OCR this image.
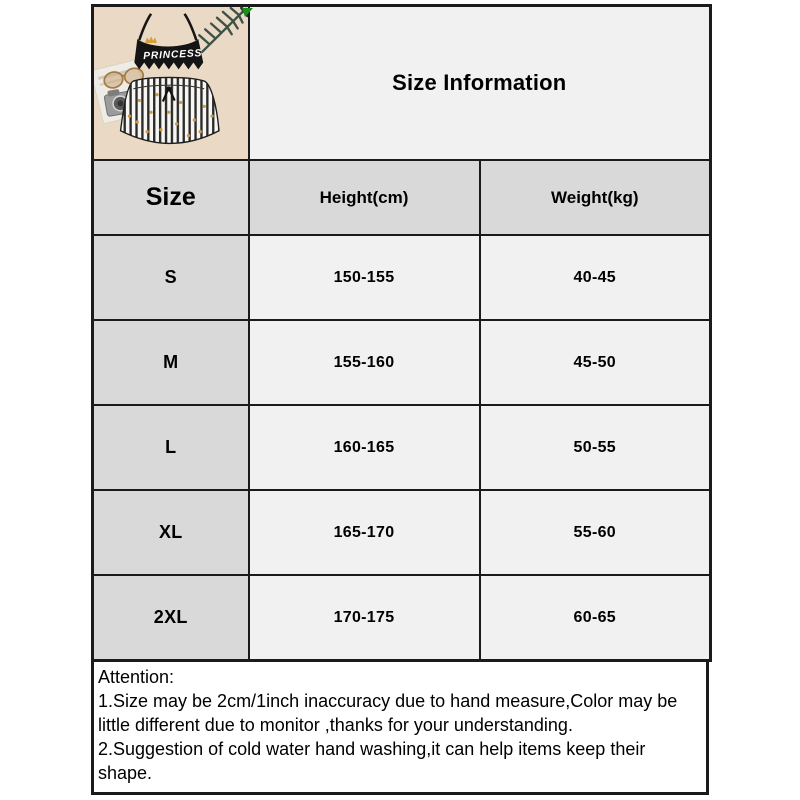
PRINCESS	Size Information	
Size	Height(cm)	Weight(kg)
S	150-155	40-45
M	155-160	45-50
L	160-165	50-55
XL	165-170	55-60
2XL	170-175	60-65
Attention:
1.Size may be 2cm/1inch inaccuracy due to hand measure,Color may be little different due to monitor ,thanks for your understanding.
2.Suggestion of cold water hand washing,it can help items keep their shape.
